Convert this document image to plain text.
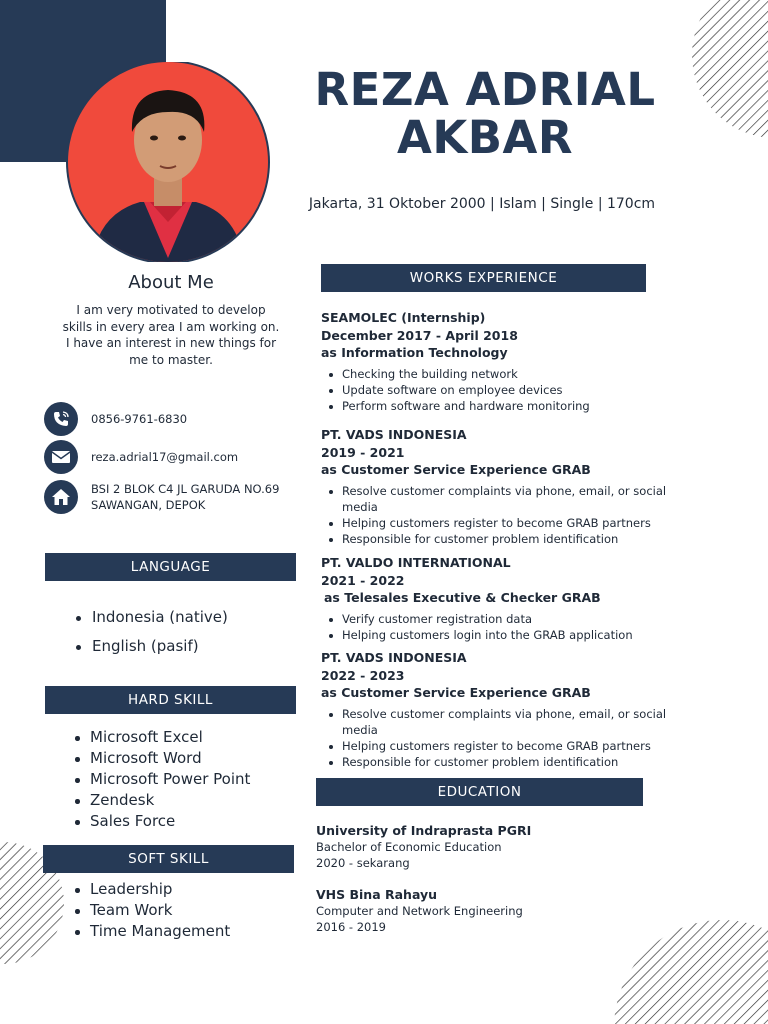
REZA ADRIAL
AKBAR
Jakarta, 31 Oktober 2000 | Islam | Single | 170cm
About Me
I am very motivated to develop skills in every area I am working on. I have an interest in new things for me to master.
0856-9761-6830
reza.adrial17@gmail.com
BSI 2 BLOK C4 JL GARUDA NO.69
SAWANGAN, DEPOK
LANGUAGE
Indonesia (native)
English (pasif)
HARD SKILL
Microsoft Excel
Microsoft Word
Microsoft Power Point
Zendesk
Sales Force
SOFT SKILL
Leadership
Team Work
Time Management
WORKS EXPERIENCE
SEAMOLEC (Internship)
December 2017 - April 2018
as Information Technology
Checking the building network
Update software on employee devices
Perform software and hardware monitoring
PT. VADS INDONESIA
2019 - 2021
as Customer Service Experience GRAB
Resolve customer complaints via phone, email, or social media
Helping customers register to become GRAB partners
Responsible for customer problem identification
PT. VALDO INTERNATIONAL
2021 - 2022
as Telesales Executive & Checker GRAB
Verify customer registration data
Helping customers login into the GRAB application
PT. VADS INDONESIA
2022 - 2023
as Customer Service Experience GRAB
Resolve customer complaints via phone, email, or social media
Helping customers register to become GRAB partners
Responsible for customer problem identification
EDUCATION
University of Indraprasta PGRI
Bachelor of Economic Education
2020 - sekarang
VHS Bina Rahayu
Computer and Network Engineering
2016 - 2019
